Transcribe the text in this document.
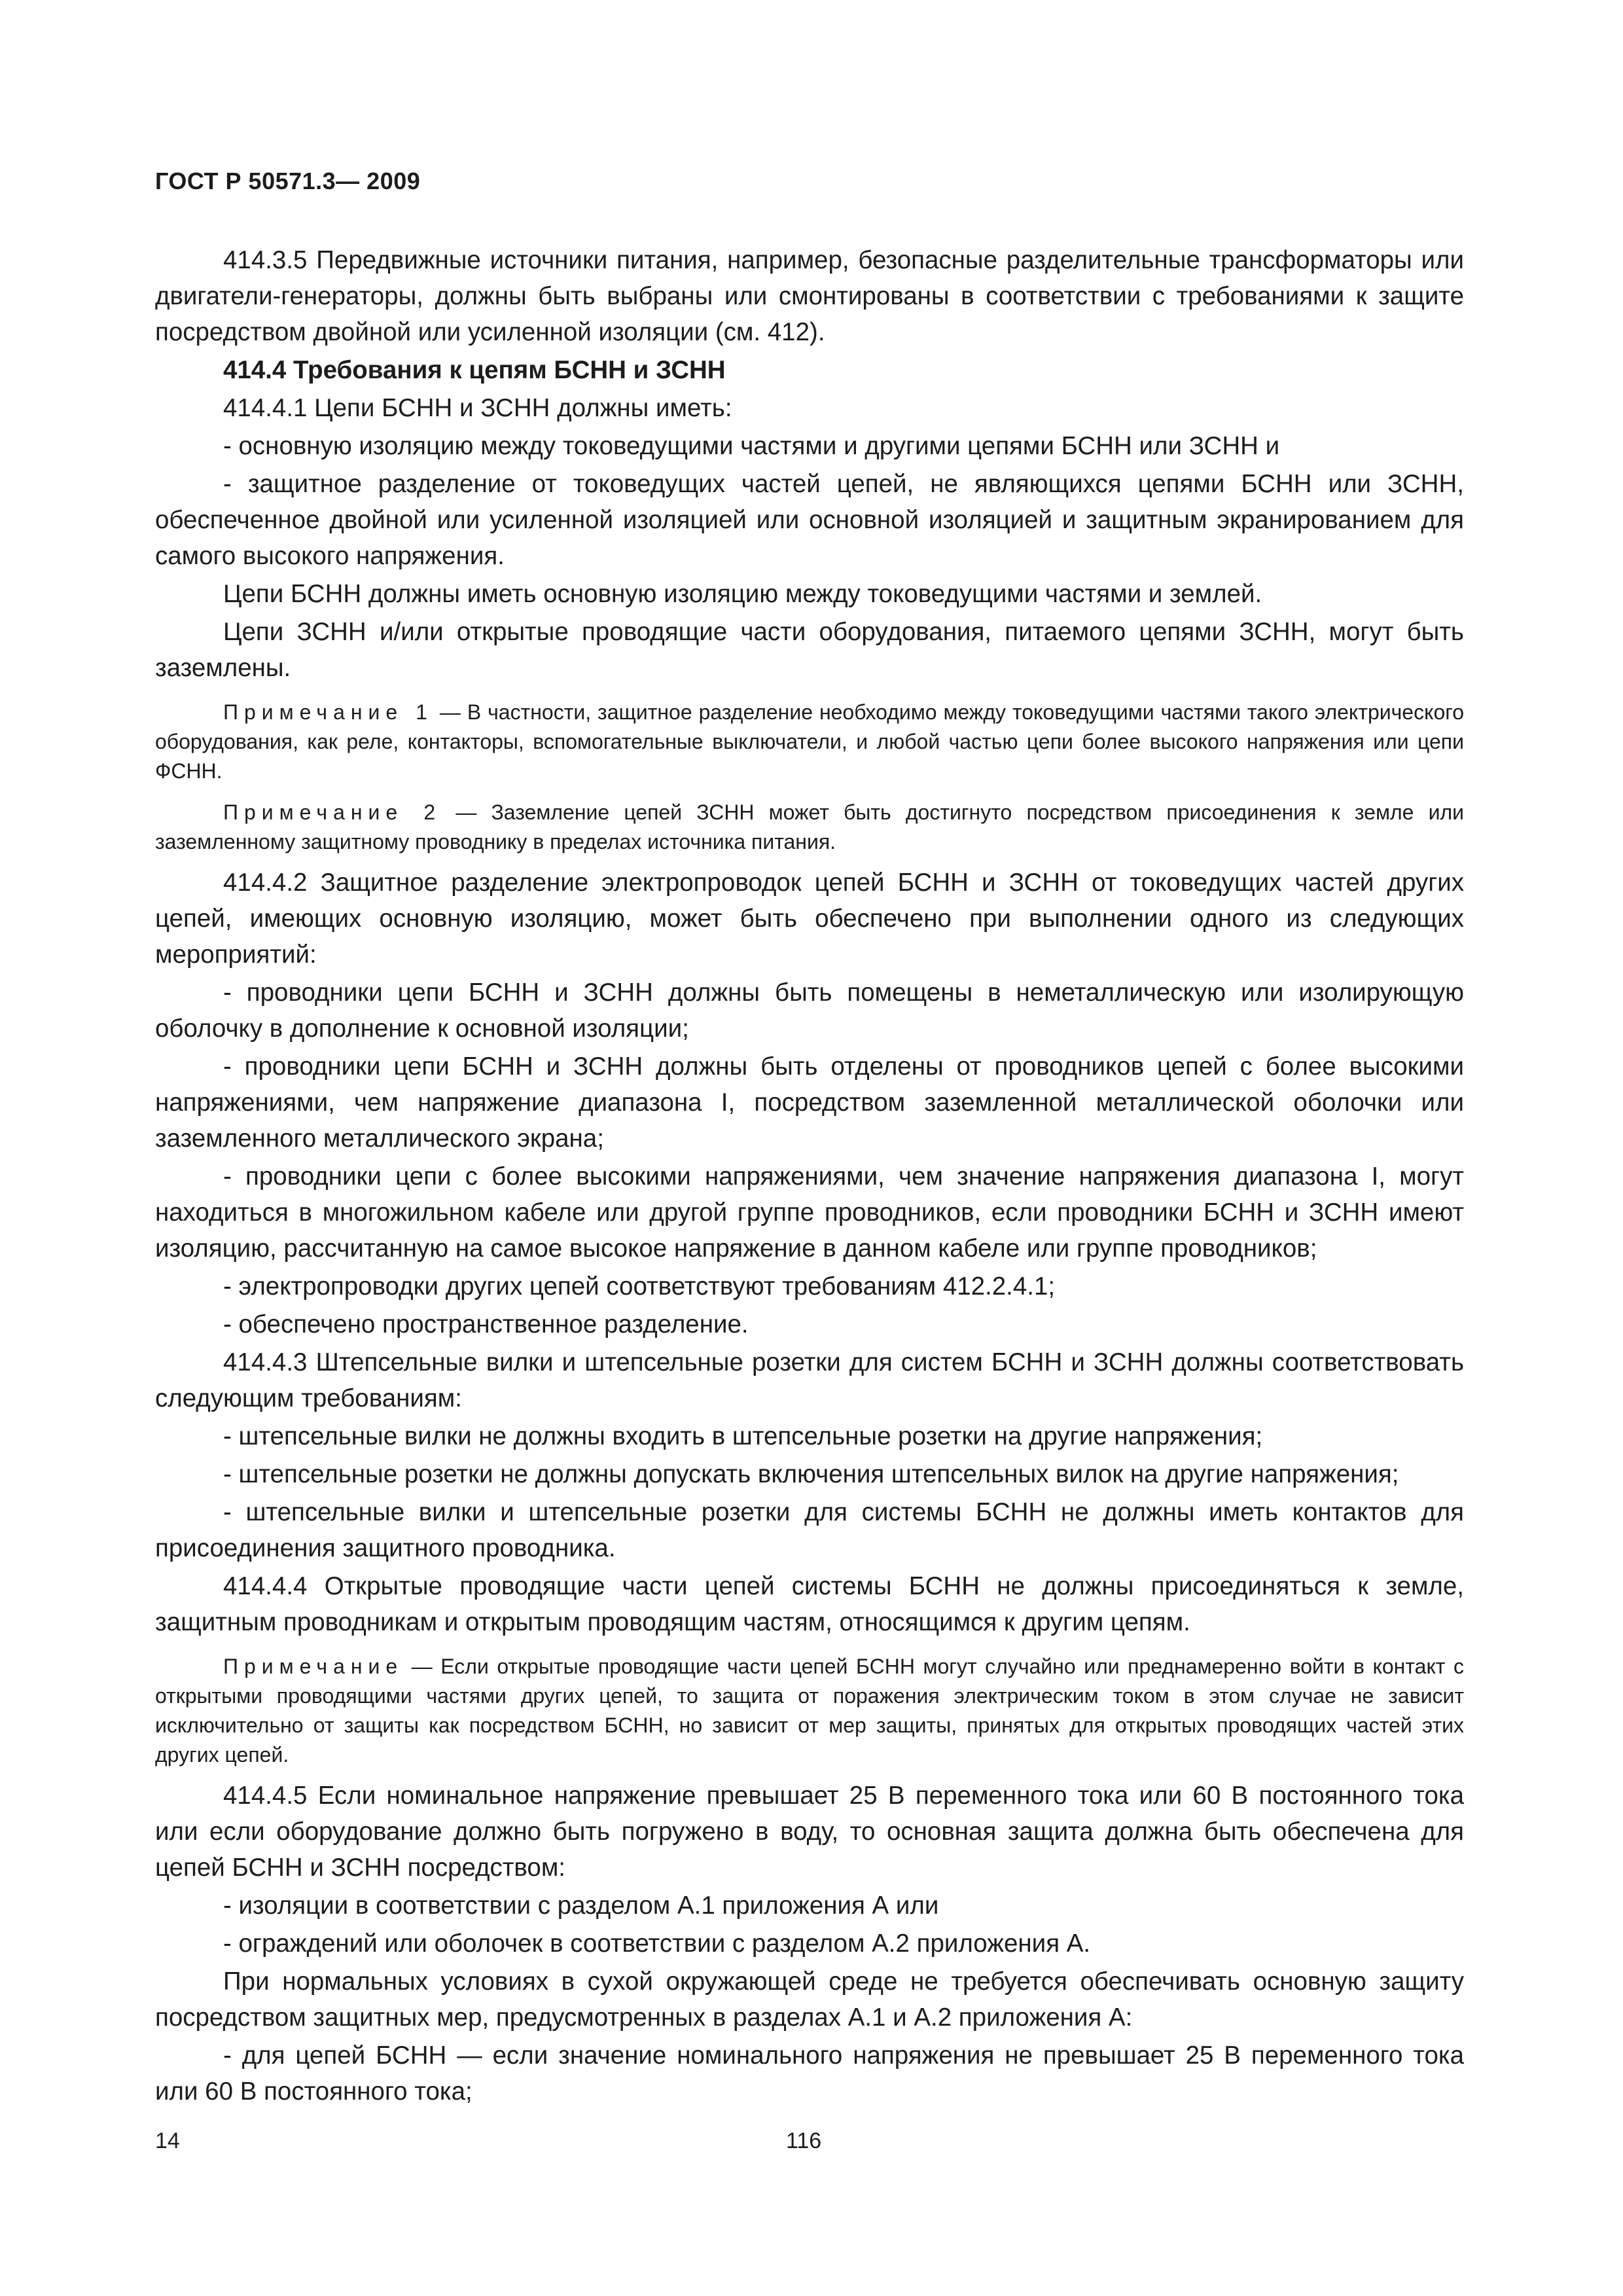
ГОСТ Р 50571.3— 2009

414.3.5 Передвижные источники питания, например, безопасные разделительные трансформаторы или двигатели-генераторы, должны быть выбраны или смонтированы в соответствии с требованиями к защите посредством двойной или усиленной изоляции (см. 412).

414.4 Требования к цепям БСНН и ЗСНН

414.4.1 Цепи БСНН и ЗСНН должны иметь:

- основную изоляцию между токоведущими частями и другими цепями БСНН или ЗСНН и

- защитное разделение от токоведущих частей цепей, не являющихся цепями БСНН или ЗСНН, обеспеченное двойной или усиленной изоляцией или основной изоляцией и защитным экранированием для самого высокого напряжения.

Цепи БСНН должны иметь основную изоляцию между токоведущими частями и землей.

Цепи ЗСНН и/или открытые проводящие части оборудования, питаемого цепями ЗСНН, могут быть заземлены.

Примечание 1 — В частности, защитное разделение необходимо между токоведущими частями такого электрического оборудования, как реле, контакторы, вспомогательные выключатели, и любой частью цепи более высокого напряжения или цепи ФСНН.

Примечание 2 — Заземление цепей ЗСНН может быть достигнуто посредством присоединения к земле или заземленному защитному проводнику в пределах источника питания.

414.4.2 Защитное разделение электропроводок цепей БСНН и ЗСНН от токоведущих частей других цепей, имеющих основную изоляцию, может быть обеспечено при выполнении одного из следующих мероприятий:

- проводники цепи БСНН и ЗСНН должны быть помещены в неметаллическую или изолирующую оболочку в дополнение к основной изоляции;

- проводники цепи БСНН и ЗСНН должны быть отделены от проводников цепей с более высокими напряжениями, чем напряжение диапазона I, посредством заземленной металлической оболочки или заземленного металлического экрана;

- проводники цепи с более высокими напряжениями, чем значение напряжения диапазона I, могут находиться в многожильном кабеле или другой группе проводников, если проводники БСНН и ЗСНН имеют изоляцию, рассчитанную на самое высокое напряжение в данном кабеле или группе проводников;

- электропроводки других цепей соответствуют требованиям 412.2.4.1;

- обеспечено пространственное разделение.

414.4.3 Штепсельные вилки и штепсельные розетки для систем БСНН и ЗСНН должны соответствовать следующим требованиям:

- штепсельные вилки не должны входить в штепсельные розетки на другие напряжения;

- штепсельные розетки не должны допускать включения штепсельных вилок на другие напряжения;

- штепсельные вилки и штепсельные розетки для системы БСНН не должны иметь контактов для присоединения защитного проводника.

414.4.4 Открытые проводящие части цепей системы БСНН не должны присоединяться к земле, защитным проводникам и открытым проводящим частям, относящимся к другим цепям.

Примечание — Если открытые проводящие части цепей БСНН могут случайно или преднамеренно войти в контакт с открытыми проводящими частями других цепей, то защита от поражения электрическим током в этом случае не зависит исключительно от защиты как посредством БСНН, но зависит от мер защиты, принятых для открытых проводящих частей этих других цепей.

414.4.5 Если номинальное напряжение превышает 25 В переменного тока или 60 В постоянного тока или если оборудование должно быть погружено в воду, то основная защита должна быть обеспечена для цепей БСНН и ЗСНН посредством:

- изоляции в соответствии с разделом А.1 приложения А или

- ограждений или оболочек в соответствии с разделом А.2 приложения А.

При нормальных условиях в сухой окружающей среде не требуется обеспечивать основную защиту посредством защитных мер, предусмотренных в разделах А.1 и А.2 приложения А:

- для цепей БСНН — если значение номинального напряжения не превышает 25 В переменного тока или 60 В постоянного тока;

14	116
